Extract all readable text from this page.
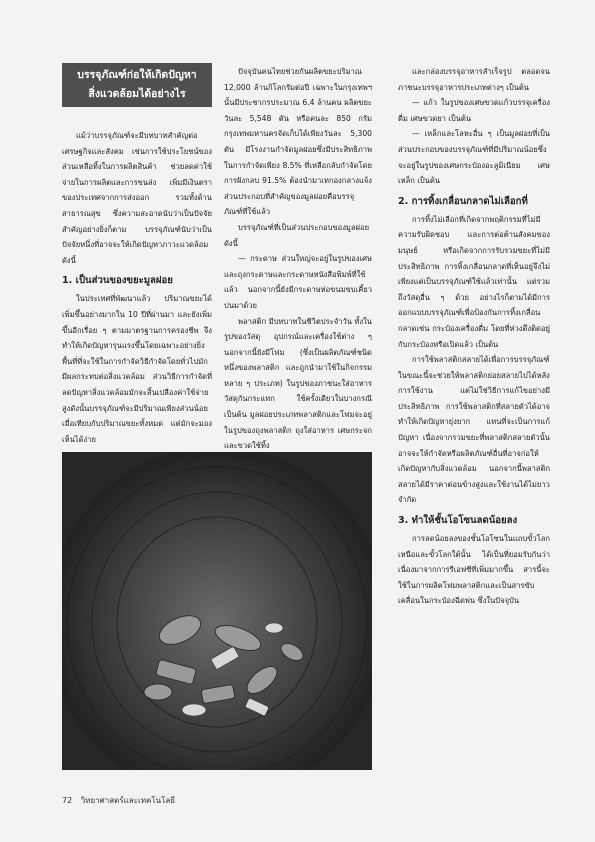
บรรจุภัณฑ์ก่อให้เกิดปัญหา
สิ่งแวดล้อมได้อย่างไร

แม้ว่าบรรจุภัณฑ์จะมีบทบาทสำคัญต่อเศรษฐกิจและสังคม เช่นการใช้ประโยชน์ของส่วนเหลือทิ้งในการผลิตสินค้า ช่วยลดค่าใช้จ่ายในการผลิตและการขนส่ง เพิ่มมีเงินตราของประเทศจากการส่งออก รวมทั้งด้านสาธารณสุข ซึ่งความสะอาดนับว่าเป็นปัจจัยสำคัญอย่างยิ่งก็ตาม บรรจุภัณฑ์นับว่าเป็นปัจจัยหนึ่งที่อาจจะให้เกิดปัญหาภาวะแวดล้อม ดังนี้

1. เป็นส่วนของขยะมูลฝอย

ในประเทศที่พัฒนาแล้ว ปริมาณขยะได้เพิ่มขึ้นอย่างมากใน 10 ปีที่ผ่านมา และยังเพิ่มขึ้นอีกเรื่อย ๆ ตามมาตรฐานการครองชีพ จึงทำให้เกิดปัญหารุนแรงขึ้นโดยเฉพาะอย่างยิ่งพื้นที่ที่จะใช้ในการกำจัดวิธีกำจัดโดยทั่วไปมักมีผลกระทบต่อสิ่งแวดล้อม ส่วนวิธีการกำจัดที่ลดปัญหาสิ่งแวดล้อมมักจะสิ้นเปลืองค่าใช้จ่ายสูงดังนั้นบรรจุภัณฑ์จะมีปริมาณเพียงส่วนน้อยเมื่อเทียบกับปริมาณขยะทั้งหมด แต่มักจะมองเห็นได้ง่าย

ปัจจุบันคนไทยช่วยกันผลิตขยะปริมาณ 12,000 ล้านกิโลกรัมต่อปี เฉพาะในกรุงเทพฯ นั้นมีประชากรประมาณ 6.4 ล้านคน ผลิตขยะวันละ 5,548 ตัน หรือคนละ 850 กรัม กรุงเทพมหานครจัดเก็บได้เพียงวันละ 5,300 ตัน มีโรงงานกำจัดมูลฝอยซึ่งมีประสิทธิภาพในการกำจัดเพียง 8.5% ที่เหลือกลับกำจัดโดยการฝังกลบ 91.5% ต้องนำมาเทกองกลางแจ้ง ส่วนประกอบที่สำคัญของมูลฝอยคือบรรจุภัณฑ์ที่ใช้แล้ว

บรรจุภัณฑ์ที่เป็นส่วนประกอบของมูลฝอย ดังนี้

— กระดาษ ส่วนใหญ่จะอยู่ในรูปของเศษและถุงกระดาษและกระดาษหนังสือพิมพ์ที่ใช้แล้ว นอกจากนี้ยังมีกระดาษห่อขนมขบเคี้ยวปนมาด้วย

พลาสติก มีบทบาทในชีวิตประจำวัน ทั้งในรูปของวัสดุ อุปกรณ์และเครื่องใช้ต่าง ๆ นอกจากนี้ยังมีโฟม (ซึ่งเป็นผลิตภัณฑ์ชนิดหนึ่งของพลาสติก และถูกนำมาใช้ในกิจกรรมหลาย ๆ ประเภท) ในรูปของภาชนะใส่อาหารวัสดุกันกระแทก ใช้ครั้งเดียวในบางกรณี เป็นต้น มูลฝอยประเภทพลาสติกและโฟมจะอยู่ในรูปของถุงพลาสติก ถุงใส่อาหาร เศษกระจกและขวดใช้ทิ้ง

และกล่องบรรจุอาหารสำเร็จรูป ตลอดจนภาชนะบรรจุอาหารประเภทต่างๆ เป็นต้น

— แก้ว ในรูปของเศษขวดแก้วบรรจุเครื่องดื่ม เศษขวดยา เป็นต้น

— เหล็กและโลหะอื่น ๆ เป็นมูลฝอยที่เป็นส่วนประกอบของบรรจุภัณฑ์ที่มีปริมาณน้อยซึ่งจะอยู่ในรูปของเศษกระป๋องอะลูมิเนียม เศษเหล็ก เป็นต้น

2. การทิ้งเกลื่อนกลาดไม่เลือกที่

การทิ้งไม่เลือกที่เกิดจากพฤติกรรมที่ไม่มีความรับผิดชอบ และการต่อต้านสังคมของมนุษย์ หรือเกิดจากการรับรวมขยะที่ไม่มีประสิทธิภาพ การทิ้งเกลื่อนกลาดที่เห็นอยู่จึงไม่เพียงแต่เป็นบรรจุภัณฑ์ใช้แล้วเท่านั้น แต่รวมถึงวัสดุอื่น ๆ ด้วย อย่างไรก็ตามได้มีการออกแบบบรรจุภัณฑ์เพื่อป้องกันการทิ้งเกลื่อนกลาดเช่น กระป๋องเครื่องดื่ม โดยที่ห่วงดึงติดอยู่กับกระป๋องหรือเปิดแล้ว เป็นต้น

การใช้พลาสติกสลายได้เพื่อการบรรจุภัณฑ์ในขณะนี้จะช่วยให้พลาสติกย่อยสลายไปได้หลังการใช้งาน แต่ไม่ใช่วิธีการแก้ไขอย่างมีประสิทธิภาพ การใช้พลาสติกที่สลายตัวได้อาจทำให้เกิดปัญหายุ่งยาก แทนที่จะเป็นการแก้ปัญหา เนื่องจากรวมขยะที่พลาสติกสลายตัวนั้น อาจจะให้กำจัดหรือผลิตภัณฑ์อื่นที่อาจก่อให้เกิดปัญหากับสิ่งแวดล้อม นอกจากนี้พลาสติกสลายได้มีราคาต่อนข้างสูงและใช้งานได้ไม่ยาวจำกัด

3. ทำให้ชั้นโอโซนลดน้อยลง

การลดน้อยลงของชั้นโอโซนในแถบขั้วโลกเหนือและขั้วโลกใต้นั้น ได้เป็นที่ยอมรับกันว่า เนื่องมาจากการรีเอฟซีที่เพิ่มมากขึ้น สารนี้จะใช้ในการผลิตโฟมพลาสติกและเป็นสารขับเคลื่อนในกระป๋องฉีดพ่น ซึ่งในปัจจุบัน

72 วิทยาศาสตร์และเทคโนโลยี
